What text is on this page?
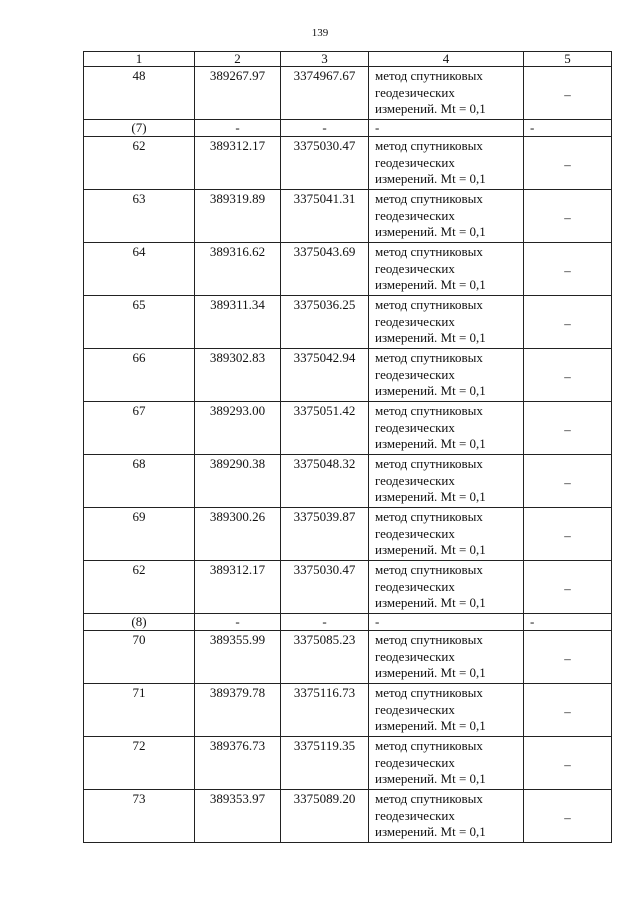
139
1	2	3	4	5
48	389267.97	3374967.67	метод спутниковых
геодезических
измерений. Mt = 0,1	–
(7)	-	-	-	-
62	389312.17	3375030.47	метод спутниковых
геодезических
измерений. Mt = 0,1	–
63	389319.89	3375041.31	метод спутниковых
геодезических
измерений. Mt = 0,1	–
64	389316.62	3375043.69	метод спутниковых
геодезических
измерений. Mt = 0,1	–
65	389311.34	3375036.25	метод спутниковых
геодезических
измерений. Mt = 0,1	–
66	389302.83	3375042.94	метод спутниковых
геодезических
измерений. Mt = 0,1	–
67	389293.00	3375051.42	метод спутниковых
геодезических
измерений. Mt = 0,1	–
68	389290.38	3375048.32	метод спутниковых
геодезических
измерений. Mt = 0,1	–
69	389300.26	3375039.87	метод спутниковых
геодезических
измерений. Mt = 0,1	–
62	389312.17	3375030.47	метод спутниковых
геодезических
измерений. Mt = 0,1	–
(8)	-	-	-	-
70	389355.99	3375085.23	метод спутниковых
геодезических
измерений. Mt = 0,1	–
71	389379.78	3375116.73	метод спутниковых
геодезических
измерений. Mt = 0,1	–
72	389376.73	3375119.35	метод спутниковых
геодезических
измерений. Mt = 0,1	–
73	389353.97	3375089.20	метод спутниковых
геодезических
измерений. Mt = 0,1	–
